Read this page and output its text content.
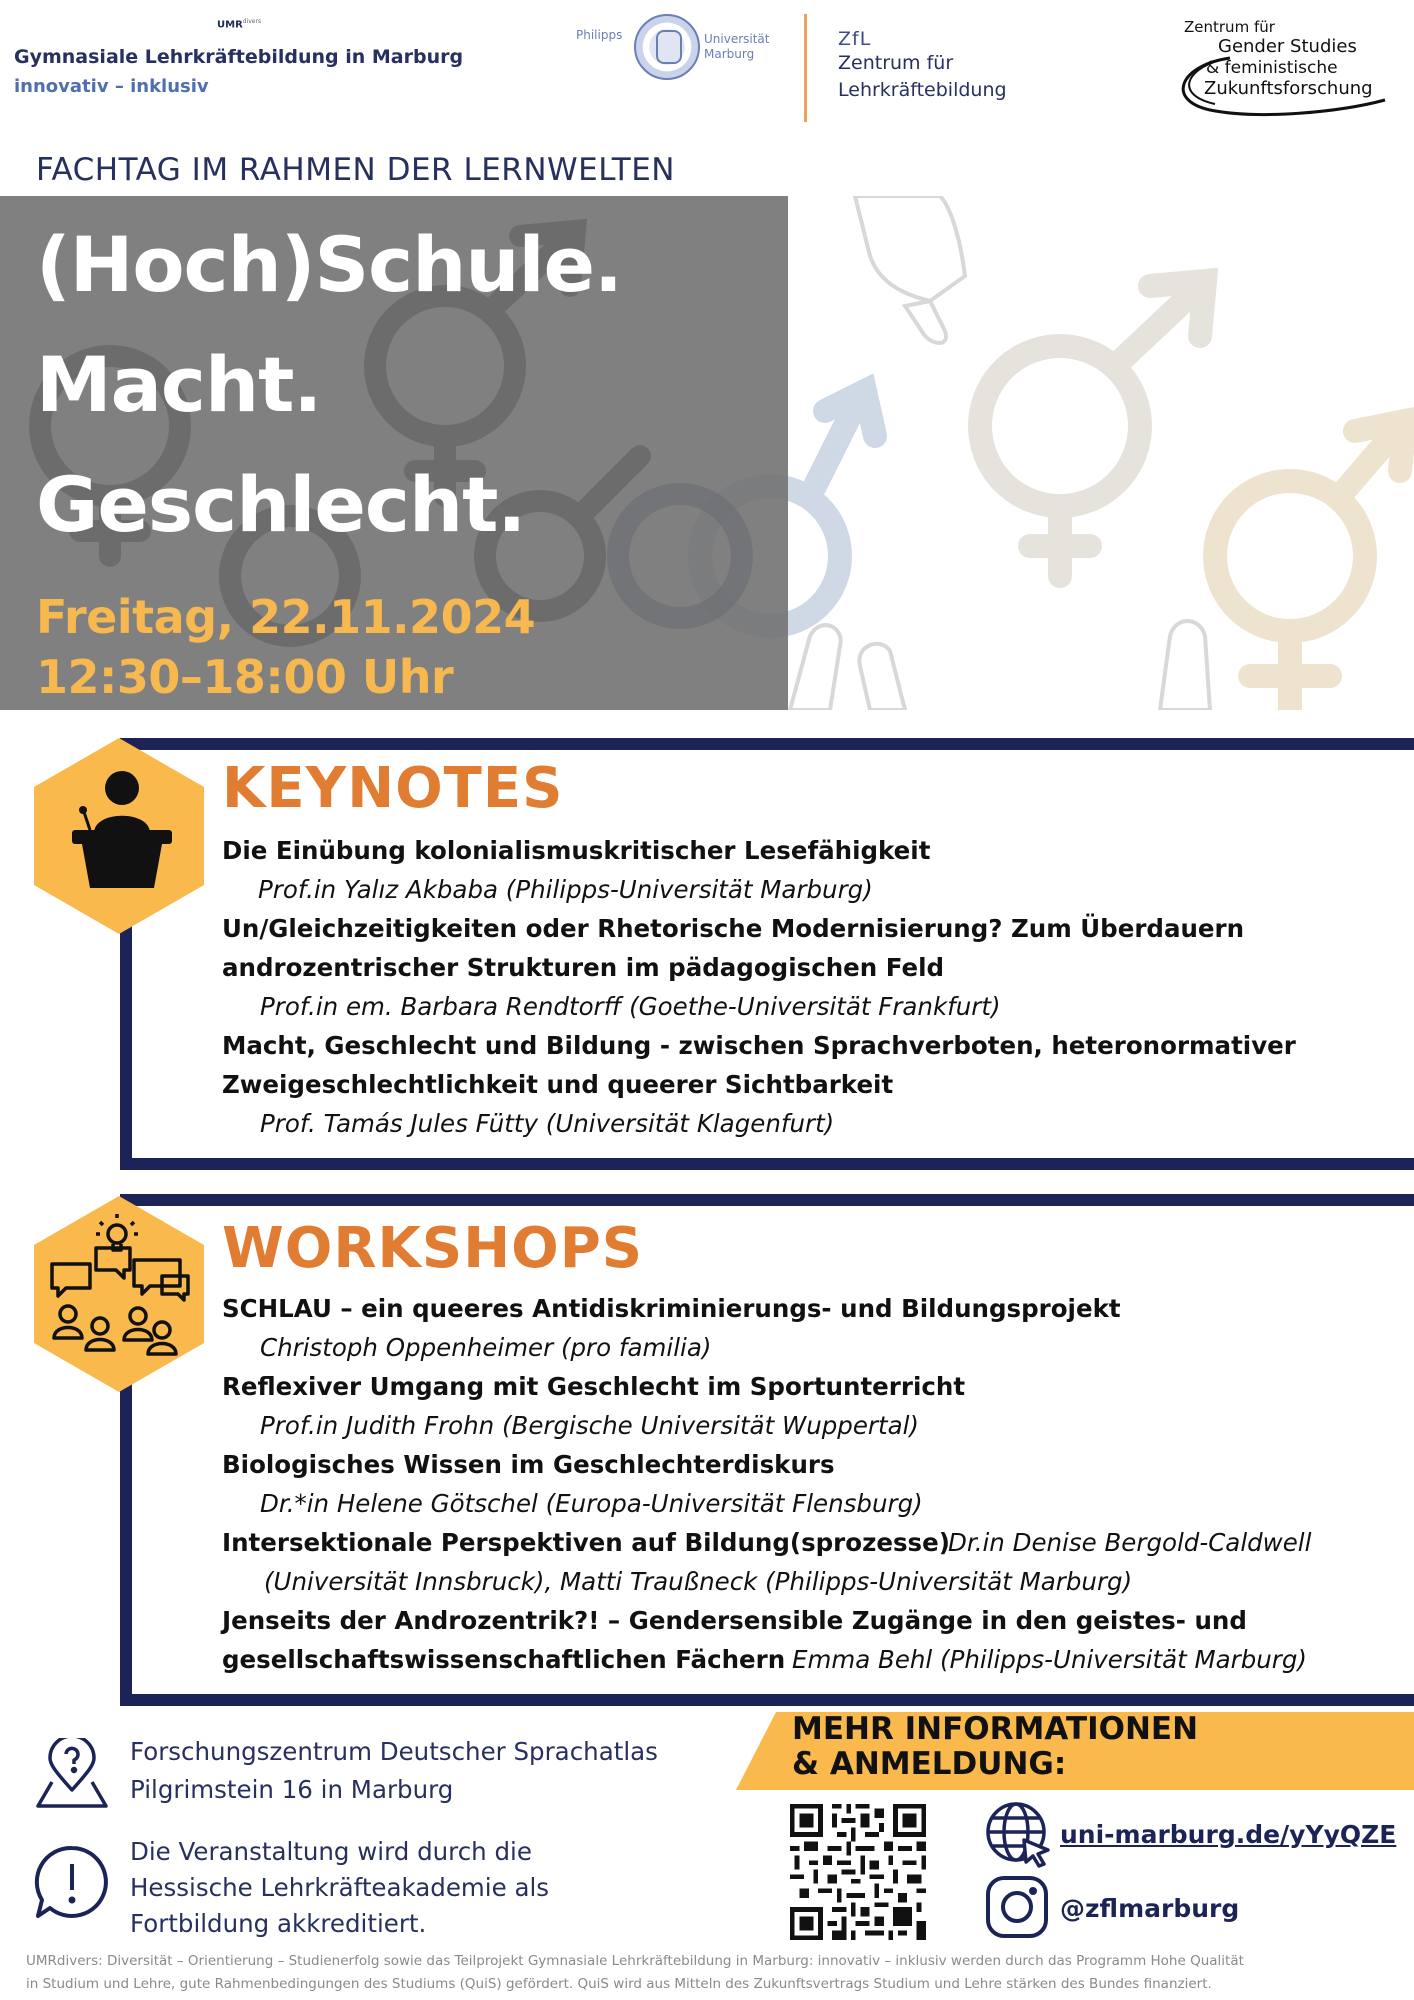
$UMR^{divers}$
Gymnasiale Lehrkräftebildung in Marburg
innovativ – inklusiv
Philipps	Universität
Marburg
ZfL
Zentrum für
Lehrkräftebildung
Zentrum für
Gender Studies
& feministische
Zukunftsforschung
FACHTAG IM RAHMEN DER LERNWELTEN
(Hoch)Schule.
Macht.
Geschlecht.
Freitag, 22.11.2024
12:30–18:00 Uhr
KEYNOTES
Die Einübung kolonialismuskritischer Lesefähigkeit
Prof.in Yalız Akbaba (Philipps-Universität Marburg)
Un/Gleichzeitigkeiten oder Rhetorische Modernisierung? Zum Überdauern
androzentrischer Strukturen im pädagogischen Feld
Prof.in em. Barbara Rendtorff (Goethe-Universität Frankfurt)
Macht, Geschlecht und Bildung - zwischen Sprachverboten, heteronormativer
Zweigeschlechtlichkeit und queerer Sichtbarkeit
Prof. Tamás Jules Fütty (Universität Klagenfurt)
WORKSHOPS
SCHLAU – ein queeres Antidiskriminierungs- und Bildungsprojekt
Christoph Oppenheimer (pro familia)
Reflexiver Umgang mit Geschlecht im Sportunterricht
Prof.in Judith Frohn (Bergische Universität Wuppertal)
Biologisches Wissen im Geschlechterdiskurs
Dr.*in Helene Götschel (Europa-Universität Flensburg)
Intersektionale Perspektiven auf Bildung(sprozesse)
Dr.in Denise Bergold-Caldwell
(Universität Innsbruck), Matti Traußneck (Philipps-Universität Marburg)
Jenseits der Androzentrik?! – Gendersensible Zugänge in den geistes- und
gesellschaftswissenschaftlichen Fächern Emma Behl (Philipps-Universität Marburg)
Forschungszentrum Deutscher Sprachatlas
Pilgrimstein 16 in Marburg
Die Veranstaltung wird durch die
Hessische Lehrkräfteakademie als
Fortbildung akkreditiert.
MEHR INFORMATIONEN
& ANMELDUNG:
uni-marburg.de/yYyQZE
@zflmarburg
UMRdivers: Diversität – Orientierung – Studienerfolg sowie das Teilprojekt Gymnasiale Lehrkräftebildung in Marburg: innovativ – inklusiv werden durch das Programm Hohe Qualität
in Studium und Lehre, gute Rahmenbedingungen des Studiums (QuiS) gefördert. QuiS wird aus Mitteln des Zukunftsvertrags Studium und Lehre stärken des Bundes finanziert.
